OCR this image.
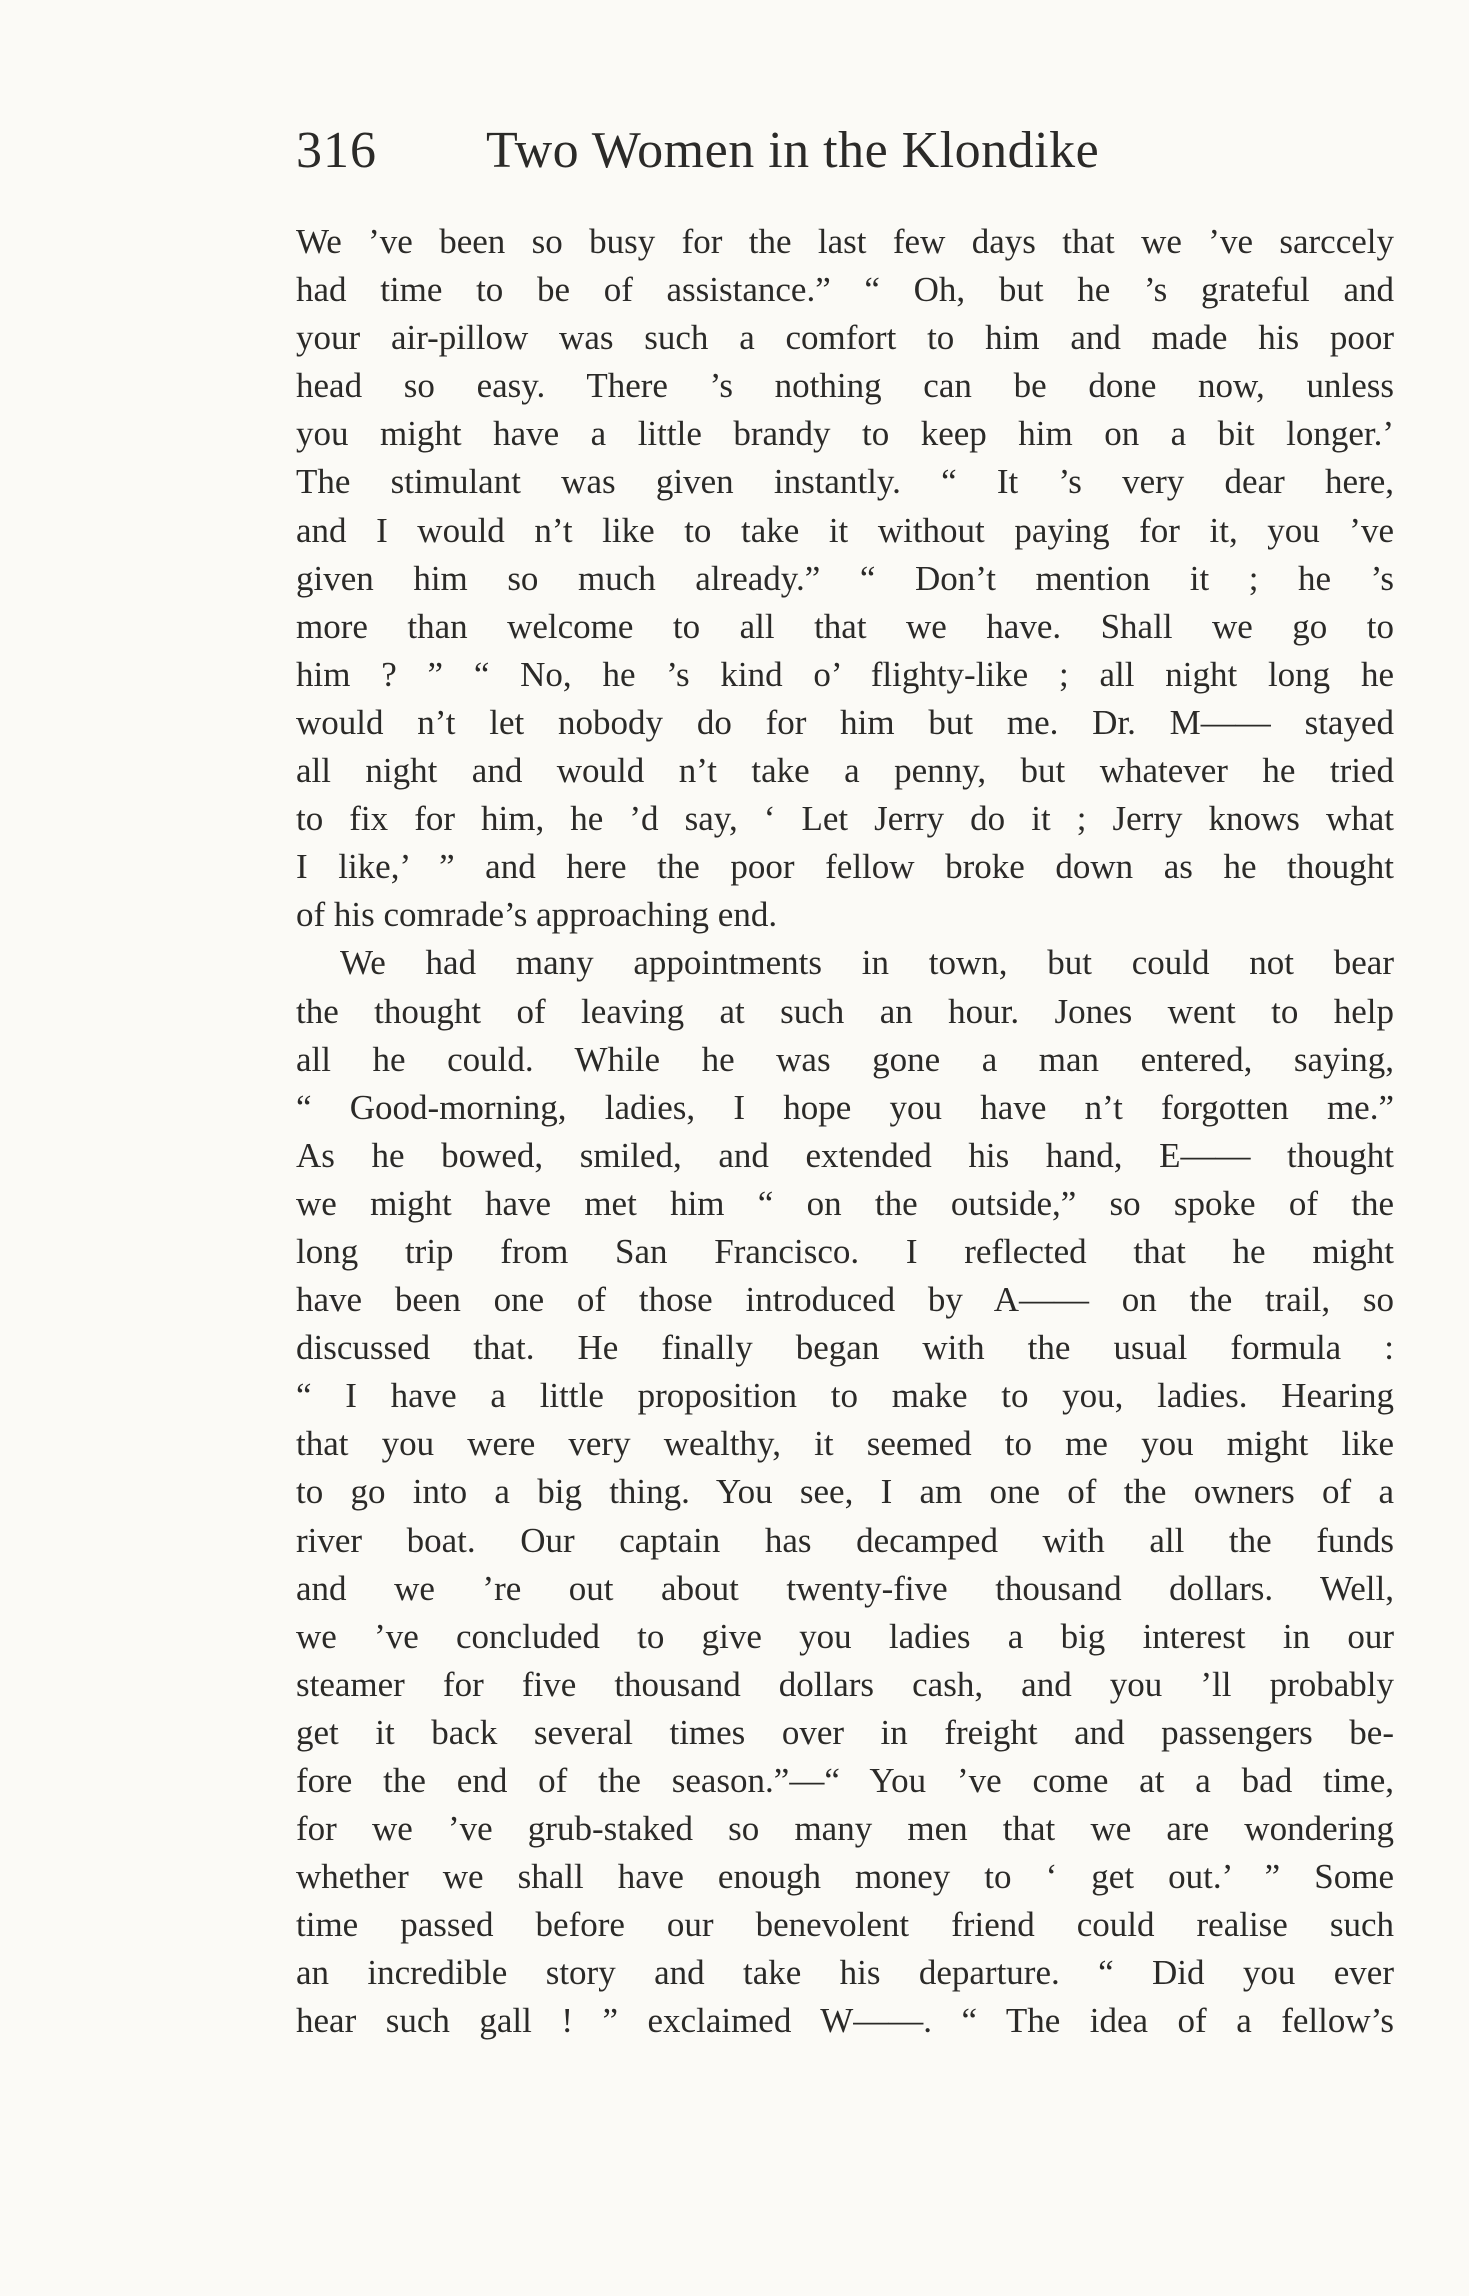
316 Two Women in the Klondike
We ’ve been so busy for the last few days that we ’ve sarccely
had time to be of assistance.” “ Oh, but he ’s grateful and
your air-pillow was such a comfort to him and made his poor
head so easy. There ’s nothing can be done now, unless
you might have a little brandy to keep him on a bit longer.’
The stimulant was given instantly. “ It ’s very dear here,
and I would n’t like to take it without paying for it, you ’ve
given him so much already.” “ Don’t mention it ; he ’s
more than welcome to all that we have. Shall we go to
him ? ” “ No, he ’s kind o’ flighty-like ; all night long he
would n’t let nobody do for him but me. Dr. M—— stayed
all night and would n’t take a penny, but whatever he tried
to fix for him, he ’d say, ‘ Let Jerry do it ; Jerry knows what
I like,’ ” and here the poor fellow broke down as he thought
of his comrade’s approaching end.
We had many appointments in town, but could not bear
the thought of leaving at such an hour. Jones went to help
all he could. While he was gone a man entered, saying,
“ Good-morning, ladies, I hope you have n’t forgotten me.”
As he bowed, smiled, and extended his hand, E—— thought
we might have met him “ on the outside,” so spoke of the
long trip from San Francisco. I reflected that he might
have been one of those introduced by A—— on the trail, so
discussed that. He finally began with the usual formula :
“ I have a little proposition to make to you, ladies. Hearing
that you were very wealthy, it seemed to me you might like
to go into a big thing. You see, I am one of the owners of a
river boat. Our captain has decamped with all the funds
and we ’re out about twenty-five thousand dollars. Well,
we ’ve concluded to give you ladies a big interest in our
steamer for five thousand dollars cash, and you ’ll probably
get it back several times over in freight and passengers be-
fore the end of the season.”—“ You ’ve come at a bad time,
for we ’ve grub-staked so many men that we are wondering
whether we shall have enough money to ‘ get out.’ ” Some
time passed before our benevolent friend could realise such
an incredible story and take his departure. “ Did you ever
hear such gall ! ” exclaimed W——. “ The idea of a fellow’s
